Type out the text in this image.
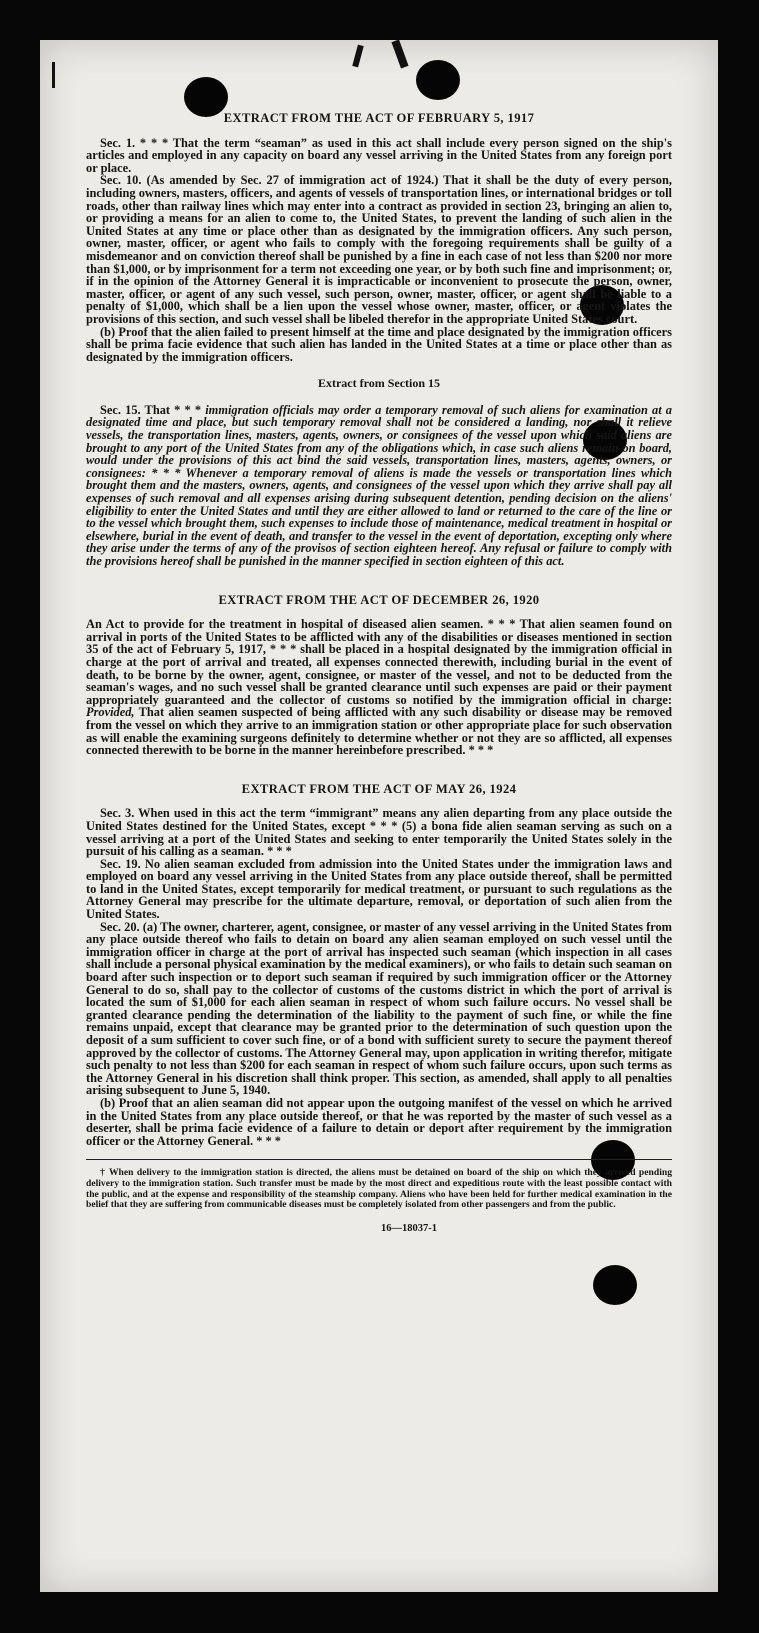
EXTRACT FROM THE ACT OF FEBRUARY 5, 1917

Sec. 1. * * * That the term “seaman” as used in this act shall include every person signed on the ship's articles and employed in any capacity on board any vessel arriving in the United States from any foreign port or place.

Sec. 10. (As amended by Sec. 27 of immigration act of 1924.) That it shall be the duty of every person, including owners, masters, officers, and agents of vessels of transportation lines, or international bridges or toll roads, other than railway lines which may enter into a contract as provided in section 23, bringing an alien to, or providing a means for an alien to come to, the United States, to prevent the landing of such alien in the United States at any time or place other than as designated by the immigration officers. Any such person, owner, master, officer, or agent who fails to comply with the foregoing requirements shall be guilty of a misdemeanor and on conviction thereof shall be punished by a fine in each case of not less than $200 nor more than $1,000, or by imprisonment for a term not exceeding one year, or by both such fine and imprisonment; or, if in the opinion of the Attorney General it is impracticable or inconvenient to prosecute the person, owner, master, officer, or agent of any such vessel, such person, owner, master, officer, or agent shall be liable to a penalty of $1,000, which shall be a lien upon the vessel whose owner, master, officer, or agent violates the provisions of this section, and such vessel shall be libeled therefor in the appropriate United States court.

(b) Proof that the alien failed to present himself at the time and place designated by the immigration officers shall be prima facie evidence that such alien has landed in the United States at a time or place other than as designated by the immigration officers.

Extract from Section 15

Sec. 15. That * * * immigration officials may order a temporary removal of such aliens for examination at a designated time and place, but such temporary removal shall not be considered a landing, nor shall it relieve vessels, the transportation lines, masters, agents, owners, or consignees of the vessel upon which said aliens are brought to any port of the United States from any of the obligations which, in case such aliens remain on board, would under the provisions of this act bind the said vessels, transportation lines, masters, agents, owners, or consignees: * * * Whenever a temporary removal of aliens is made the vessels or transportation lines which brought them and the masters, owners, agents, and consignees of the vessel upon which they arrive shall pay all expenses of such removal and all expenses arising during subsequent detention, pending decision on the aliens' eligibility to enter the United States and until they are either allowed to land or returned to the care of the line or to the vessel which brought them, such expenses to include those of maintenance, medical treatment in hospital or elsewhere, burial in the event of death, and transfer to the vessel in the event of deportation, excepting only where they arise under the terms of any of the provisos of section eighteen hereof. Any refusal or failure to comply with the provisions hereof shall be punished in the manner specified in section eighteen of this act.

EXTRACT FROM THE ACT OF DECEMBER 26, 1920

An Act to provide for the treatment in hospital of diseased alien seamen. * * * That alien seamen found on arrival in ports of the United States to be afflicted with any of the disabilities or diseases mentioned in section 35 of the act of February 5, 1917, * * * shall be placed in a hospital designated by the immigration official in charge at the port of arrival and treated, all expenses connected therewith, including burial in the event of death, to be borne by the owner, agent, consignee, or master of the vessel, and not to be deducted from the seaman's wages, and no such vessel shall be granted clearance until such expenses are paid or their payment appropriately guaranteed and the collector of customs so notified by the immigration official in charge: Provided, That alien seamen suspected of being afflicted with any such disability or disease may be removed from the vessel on which they arrive to an immigration station or other appropriate place for such observation as will enable the examining surgeons definitely to determine whether or not they are so afflicted, all expenses connected therewith to be borne in the manner hereinbefore prescribed. * * *

EXTRACT FROM THE ACT OF MAY 26, 1924

Sec. 3. When used in this act the term “immigrant” means any alien departing from any place outside the United States destined for the United States, except * * * (5) a bona fide alien seaman serving as such on a vessel arriving at a port of the United States and seeking to enter temporarily the United States solely in the pursuit of his calling as a seaman. * * *

Sec. 19. No alien seaman excluded from admission into the United States under the immigration laws and employed on board any vessel arriving in the United States from any place outside thereof, shall be permitted to land in the United States, except temporarily for medical treatment, or pursuant to such regulations as the Attorney General may prescribe for the ultimate departure, removal, or deportation of such alien from the United States.

Sec. 20. (a) The owner, charterer, agent, consignee, or master of any vessel arriving in the United States from any place outside thereof who fails to detain on board any alien seaman employed on such vessel until the immigration officer in charge at the port of arrival has inspected such seaman (which inspection in all cases shall include a personal physical examination by the medical examiners), or who fails to detain such seaman on board after such inspection or to deport such seaman if required by such immigration officer or the Attorney General to do so, shall pay to the collector of customs of the customs district in which the port of arrival is located the sum of $1,000 for each alien seaman in respect of whom such failure occurs. No vessel shall be granted clearance pending the determination of the liability to the payment of such fine, or while the fine remains unpaid, except that clearance may be granted prior to the determination of such question upon the deposit of a sum sufficient to cover such fine, or of a bond with sufficient surety to secure the payment thereof approved by the collector of customs. The Attorney General may, upon application in writing therefor, mitigate such penalty to not less than $200 for each seaman in respect of whom such failure occurs, upon such terms as the Attorney General in his discretion shall think proper. This section, as amended, shall apply to all penalties arising subsequent to June 5, 1940.

(b) Proof that an alien seaman did not appear upon the outgoing manifest of the vessel on which he arrived in the United States from any place outside thereof, or that he was reported by the master of such vessel as a deserter, shall be prima facie evidence of a failure to detain or deport after requirement by the immigration officer or the Attorney General. * * *

† When delivery to the immigration station is directed, the aliens must be detained on board of the ship on which they arrived pending delivery to the immigration station. Such transfer must be made by the most direct and expeditious route with the least possible contact with the public, and at the expense and responsibility of the steamship company. Aliens who have been held for further medical examination in the belief that they are suffering from communicable diseases must be completely isolated from other passengers and from the public.

16—18037-1
